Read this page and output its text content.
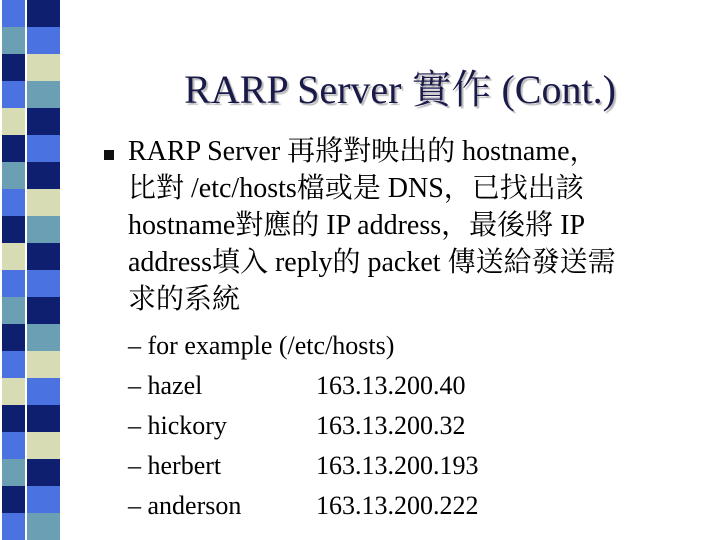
RARP Server 實作 (Cont.)
RARP Server 再將對映出的 hostname，
比對 /etc/hosts檔或是 DNS，已找出該
hostname對應的 IP address，最後將 IP
address填入 reply的 packet 傳送給發送需
求的系統
– for example (/etc/hosts)
– hazel	163.13.200.40
– hickory	163.13.200.32
– herbert	163.13.200.193
– anderson	163.13.200.222
